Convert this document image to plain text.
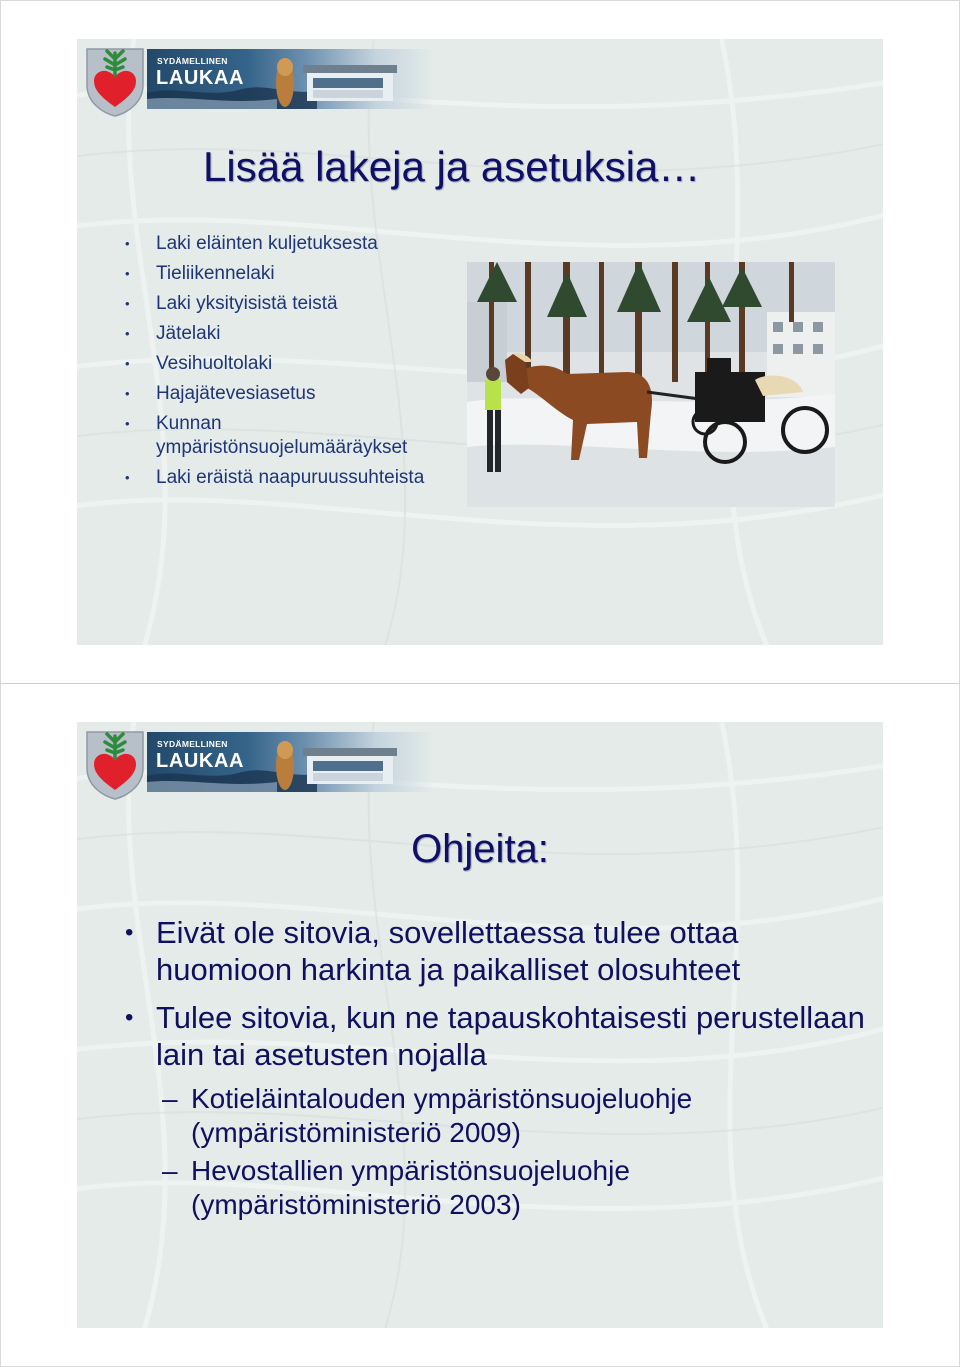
SYDÄMELLINEN
LAUKAA
Lisää lakeja ja asetuksia…
• Laki eläinten kuljetuksesta
• Tieliikennelaki
• Laki yksityisistä teistä
• Jätelaki
• Vesihuoltolaki
• Hajajätevesiasetus
• Kunnan ympäristönsuojelumääräykset
• Laki eräistä naapuruussuhteista
SYDÄMELLINEN
LAUKAA
Ohjeita:
• Eivät ole sitovia, sovellettaessa tulee ottaa huomioon harkinta ja paikalliset olosuhteet
• Tulee sitovia, kun ne tapauskohtaisesti perustellaan lain tai asetusten nojalla
– Kotieläintalouden ympäristönsuojeluohje (ympäristöministeriö 2009)
– Hevostallien ympäristönsuojeluohje (ympäristöministeriö 2003)
